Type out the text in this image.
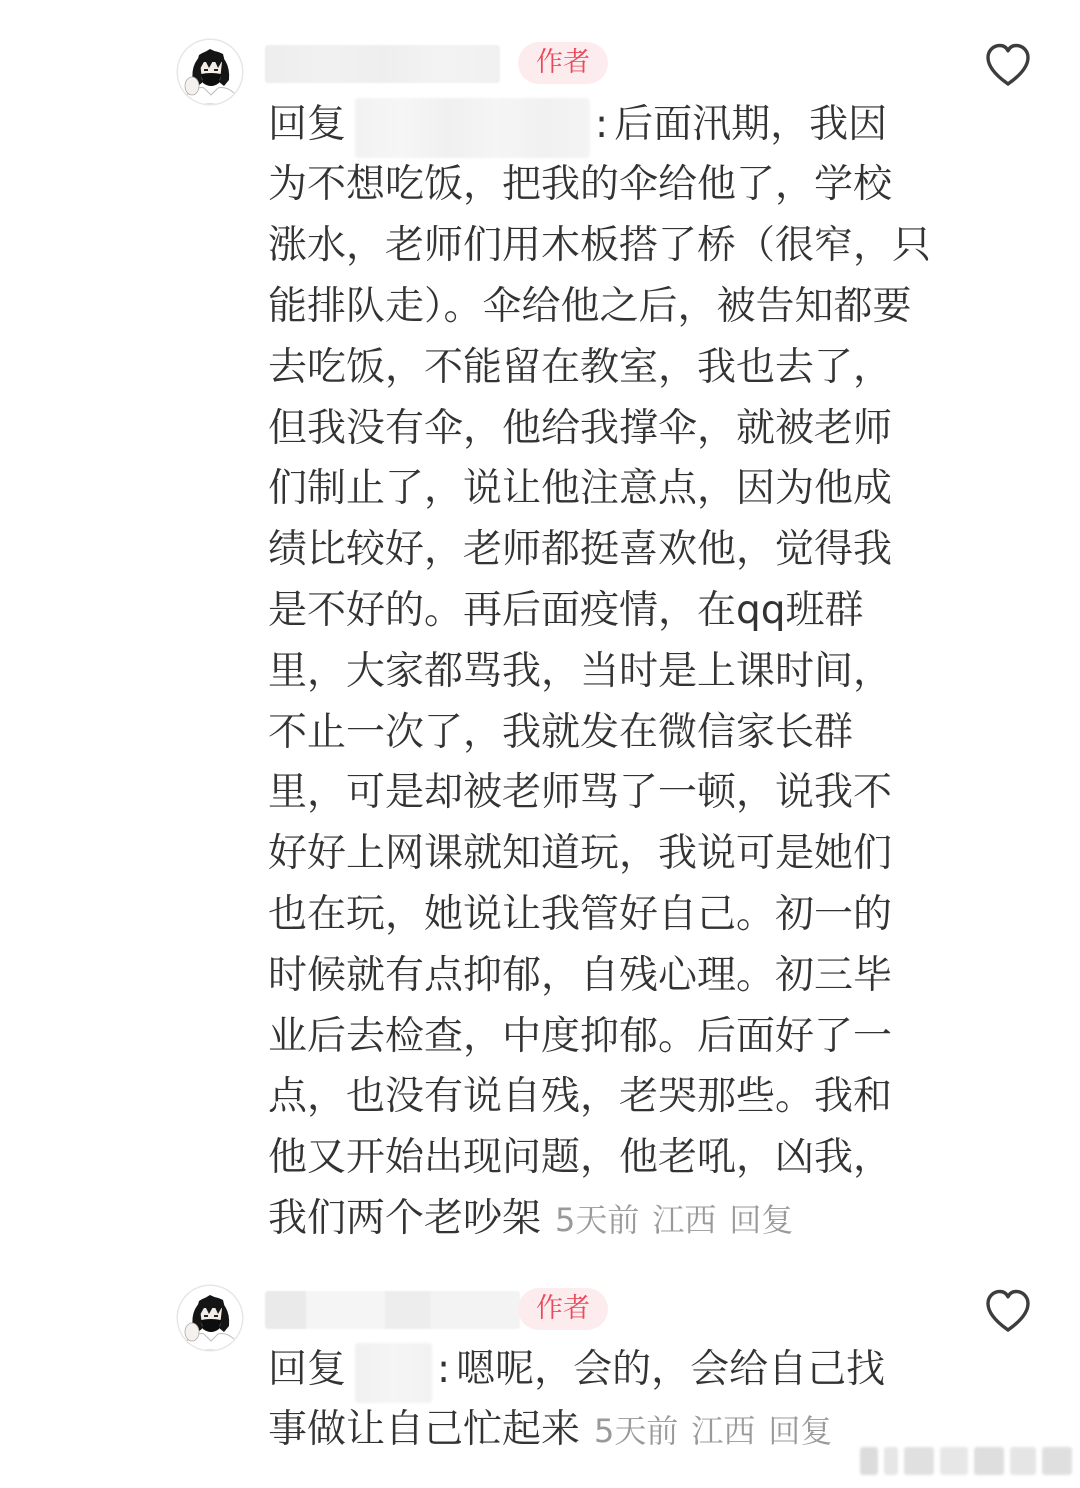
作者
回复	: 后面汛期，我因
为不想吃饭，把我的伞给他了，学校
涨水，老师们用木板搭了桥（很窄，只
能排队走）。伞给他之后，被告知都要
去吃饭，不能留在教室，我也去了，
但我没有伞，他给我撑伞，就被老师
们制止了，说让他注意点，因为他成
绩比较好，老师都挺喜欢他，觉得我
是不好的。再后面疫情，在qq班群
里，大家都骂我，当时是上课时间，
不止一次了，我就发在微信家长群
里，可是却被老师骂了一顿，说我不
好好上网课就知道玩，我说可是她们
也在玩，她说让我管好自己。初一的
时候就有点抑郁，自残心理。初三毕
业后去检查，中度抑郁。后面好了一
点，也没有说自残，老哭那些。我和
他又开始出现问题，他老吼，凶我，
我们两个老吵架 5天前 江西 回复
作者
回复 : 嗯呢，会的，会给自己找
事做让自己忙起来 5天前 江西 回复
